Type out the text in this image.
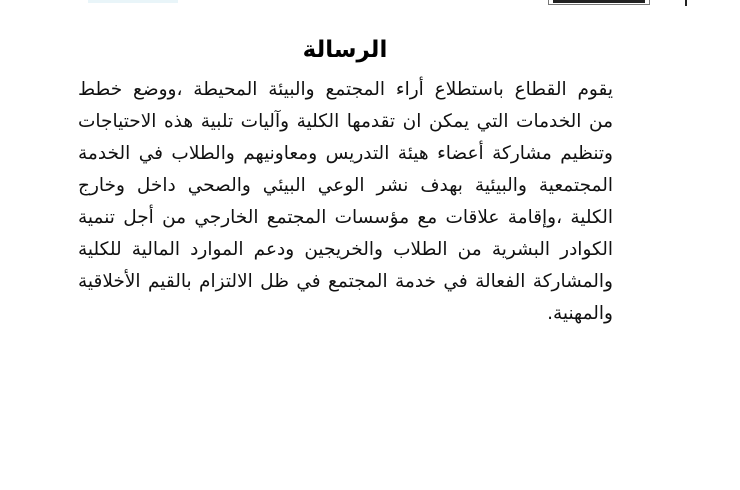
الرسالة
يقوم القطاع باستطلاع أراء المجتمع والبيئة المحيطة ،ووضع خطط
من الخدمات التي يمكن ان تقدمها الكلية وآليات تلبية هذه الاحتياجات
وتنظيم مشاركة أعضاء هيئة التدريس ومعاونيهم والطلاب في الخدمة
المجتمعية والبيئية بهدف نشر الوعي البيئي والصحي داخل وخارج
الكلية ،وإقامة علاقات مع مؤسسات المجتمع الخارجي من أجل تنمية
الكوادر البشرية من الطلاب والخريجين ودعم الموارد المالية للكلية
والمشاركة الفعالة في خدمة المجتمع في ظل الالتزام بالقيم الأخلاقية
والمهنية.
